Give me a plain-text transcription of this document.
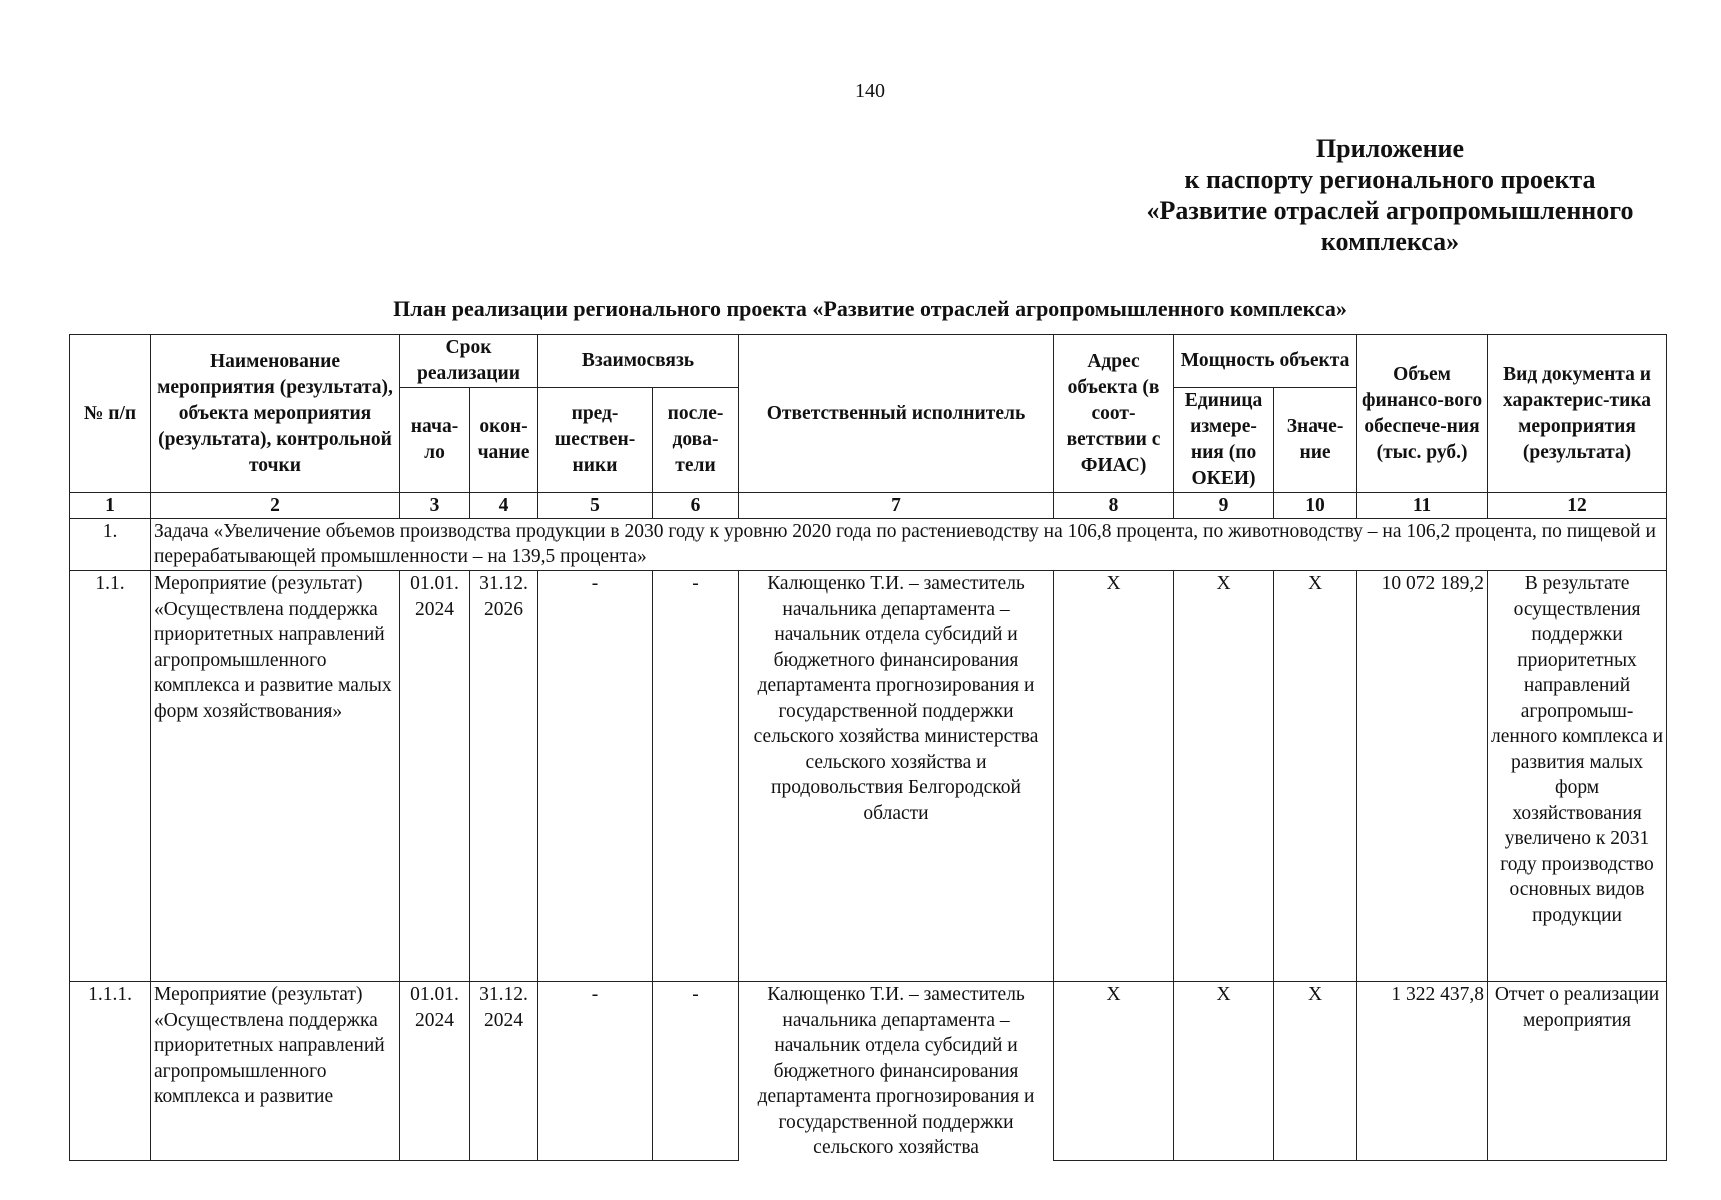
140
Приложение
к паспорту регионального проекта
«Развитие отраслей агропромышленного
комплекса»
План реализации регионального проекта «Развитие отраслей агропромышленного комплекса»
№ п/п	Наименование мероприятия (результата), объекта мероприятия (результата), контрольной точки	Срок реализации		Взаимосвязь		Ответственный исполнитель	Адрес объекта (в соот-ветствии с ФИАС)	Мощность объекта		Объем финансо-вого обеспече-ния (тыс. руб.)	Вид документа и характерис-тика мероприятия (результата)
		нача-ло	окон-чание	пред-шествен-ники	после-дова-тели			Единица измере-ния (по ОКЕИ)	Значе-ние		
1	2	3	4	5	6	7	8	9	10	11	12
1.	Задача «Увеличение объемов производства продукции в 2030 году к уровню 2020 года по растениеводству на 106,8 процента, по животноводству – на 106,2 процента, по пищевой и перерабатывающей промышленности – на 139,5 процента»										
1.1.	Мероприятие (результат) «Осуществлена поддержка приоритетных направлений агропромышленного комплекса и развитие малых форм хозяйствования»	01.01. 2024	31.12. 2026	-	-	Калющенко Т.И. – заместитель начальника департамента – начальник отдела субсидий и бюджетного финансирования департамента прогнозирования и государственной поддержки сельского хозяйства министерства сельского хозяйства и продовольствия Белгородской области	Х	Х	Х	10 072 189,2	В результате осуществления поддержки приоритетных направлений агропромыш-ленного комплекса и развития малых форм хозяйствования увеличено к 2031 году производство основных видов продукции
1.1.1.	Мероприятие (результат) «Осуществлена поддержка приоритетных направлений агропромышленного комплекса и развитие	01.01. 2024	31.12. 2024	-	-	Калющенко Т.И. – заместитель начальника департамента – начальник отдела субсидий и бюджетного финансирования департамента прогнозирования и государственной поддержки сельского хозяйства	Х	Х	Х	1 322 437,8	Отчет о реализации мероприятия
